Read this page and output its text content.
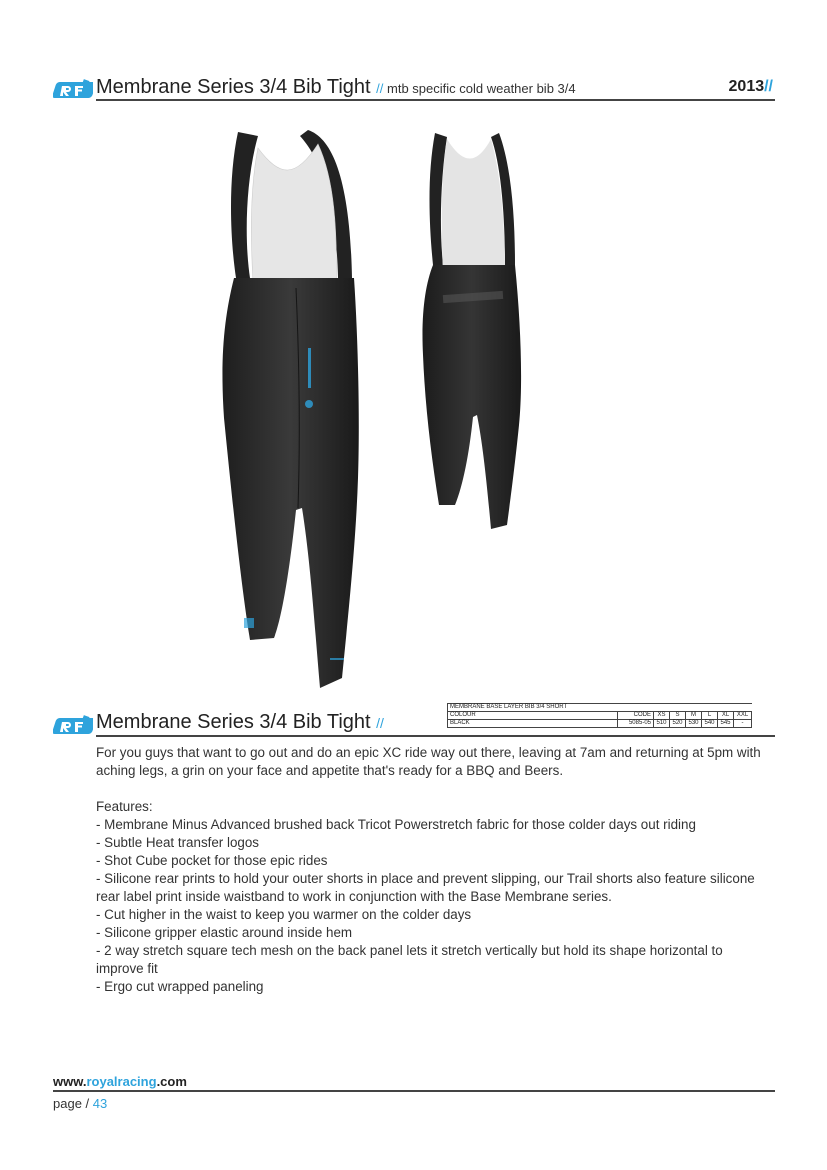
Membrane Series 3/4 Bib Tight // mtb specific cold weather bib 3/4	2013//
MEMBRANE BASE LAYER BIB 3/4 SHORT							
COLOUR	CODE	XS	S	M	L	XL	XXL
BLACK	5085-05	510	520	530	540	545	-
Membrane Series 3/4 Bib Tight //

For you guys that want to go out and do an epic XC ride way out there, leaving at 7am and returning at 5pm with aching legs, a grin on your face and appetite that's ready for a BBQ and Beers.

Features:

- Membrane Minus Advanced brushed back Tricot Powerstretch fabric for those colder days out riding
- Subtle Heat transfer logos
- Shot Cube pocket for those epic rides
- Silicone rear prints to hold your outer shorts in place and prevent slipping, our Trail shorts also feature silicone rear label print inside waistband to work in conjunction with the Base Membrane series.
- Cut higher in the waist to keep you warmer on the colder days
- Silicone gripper elastic around inside hem
- 2 way stretch square tech mesh on the back panel lets it stretch vertically but hold its shape horizontal to improve fit
- Ergo cut wrapped paneling
www.royalracing.com
page / 43
